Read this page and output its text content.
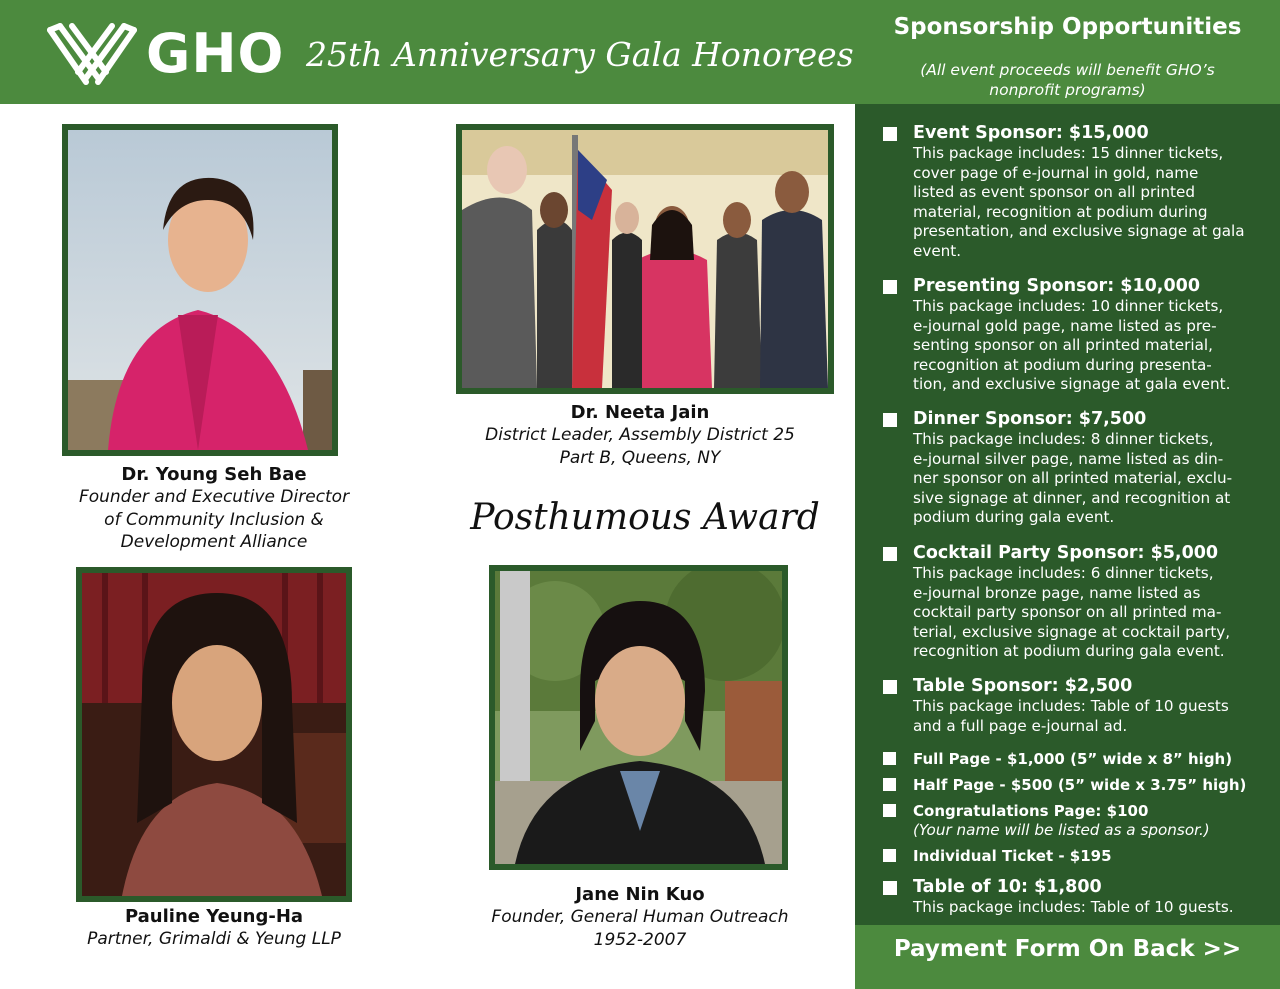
GHO 25th Anniversary Gala Honorees
Sponsorship Opportunities
(All event proceeds will benefit GHO’s nonprofit programs)
Event Sponsor: $15,000
This package includes: 15 dinner tickets,
cover page of e-journal in gold, name
listed as event sponsor on all printed
material, recognition at podium during
presentation, and exclusive signage at gala
event.
Presenting Sponsor: $10,000
This package includes: 10 dinner tickets,
e-journal gold page, name listed as pre-
senting sponsor on all printed material,
recognition at podium during presenta-
tion, and exclusive signage at gala event.
Dinner Sponsor: $7,500
This package includes: 8 dinner tickets,
e-journal silver page, name listed as din-
ner sponsor on all printed material, exclu-
sive signage at dinner, and recognition at
podium during gala event.
Cocktail Party Sponsor: $5,000
This package includes: 6 dinner tickets,
e-journal bronze page, name listed as
cocktail party sponsor on all printed ma-
terial, exclusive signage at cocktail party,
recognition at podium during gala event.
Table Sponsor: $2,500
This package includes: Table of 10 guests
and a full page e-journal ad.
Full Page - $1,000 (5” wide x 8” high)
Half Page - $500 (5” wide x 3.75” high)
Congratulations Page: $100
(Your name will be listed as a sponsor.)
Individual Ticket - $195
Table of 10: $1,800
This package includes: Table of 10 guests.
Payment Form On Back >>
Dr. Young Seh Bae
Founder and Executive Director
of Community Inclusion &
Development Alliance
Dr. Neeta Jain
District Leader, Assembly District 25
Part B, Queens, NY
Posthumous Award
Pauline Yeung-Ha
Partner, Grimaldi & Yeung LLP
Jane Nin Kuo
Founder, General Human Outreach
1952-2007
